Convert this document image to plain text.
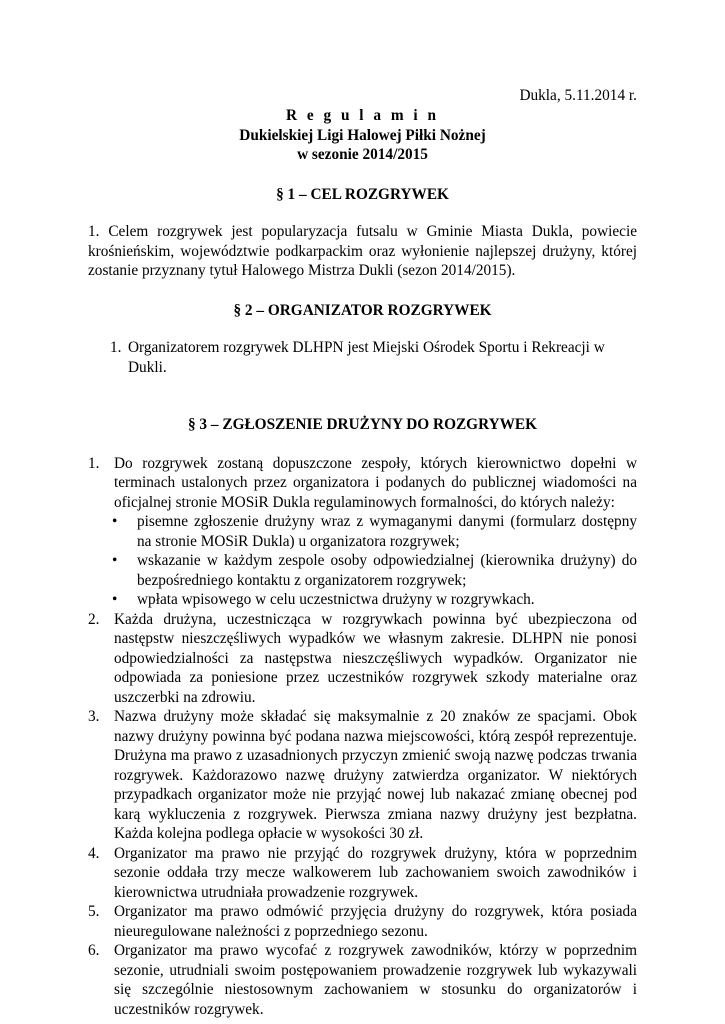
Dukla, 5.11.2014 r.
R e g u l a m i n
Dukielskiej Ligi Halowej Piłki Nożnej
w sezonie 2014/2015
§ 1 – CEL ROZGRYWEK
1. Celem rozgrywek jest popularyzacja futsalu w Gminie Miasta Dukla, powiecie krośnieńskim, województwie podkarpackim oraz wyłonienie najlepszej drużyny, której zostanie przyznany tytuł Halowego Mistrza Dukli (sezon 2014/2015).
§ 2 – ORGANIZATOR ROZGRYWEK
1. Organizatorem rozgrywek DLHPN jest Miejski Ośrodek Sportu i Rekreacji w Dukli.
§ 3 – ZGŁOSZENIE DRUŻYNY DO ROZGRYWEK
1. Do rozgrywek zostaną dopuszczone zespoły, których kierownictwo dopełni w terminach ustalonych przez organizatora i podanych do publicznej wiadomości na oficjalnej stronie MOSiR Dukla regulaminowych formalności, do których należy:
• pisemne zgłoszenie drużyny wraz z wymaganymi danymi (formularz dostępny na stronie MOSiR Dukla) u organizatora rozgrywek;
• wskazanie w każdym zespole osoby odpowiedzialnej (kierownika drużyny) do bezpośredniego kontaktu z organizatorem rozgrywek;
• wpłata wpisowego w celu uczestnictwa drużyny w rozgrywkach.
2. Każda drużyna, uczestnicząca w rozgrywkach powinna być ubezpieczona od następstw nieszczęśliwych wypadków we własnym zakresie. DLHPN nie ponosi odpowiedzialności za następstwa nieszczęśliwych wypadków. Organizator nie odpowiada za poniesione przez uczestników rozgrywek szkody materialne oraz uszczerbki na zdrowiu.
3. Nazwa drużyny może składać się maksymalnie z 20 znaków ze spacjami. Obok nazwy drużyny powinna być podana nazwa miejscowości, którą zespół reprezentuje. Drużyna ma prawo z uzasadnionych przyczyn zmienić swoją nazwę podczas trwania rozgrywek. Każdorazowo nazwę drużyny zatwierdza organizator. W niektórych przypadkach organizator może nie przyjąć nowej lub nakazać zmianę obecnej pod karą wykluczenia z rozgrywek. Pierwsza zmiana nazwy drużyny jest bezpłatna. Każda kolejna podlega opłacie w wysokości 30 zł.
4. Organizator ma prawo nie przyjąć do rozgrywek drużyny, która w poprzednim sezonie oddała trzy mecze walkowerem lub zachowaniem swoich zawodników i kierownictwa utrudniała prowadzenie rozgrywek.
5. Organizator ma prawo odmówić przyjęcia drużyny do rozgrywek, która posiada nieuregulowane należności z poprzedniego sezonu.
6. Organizator ma prawo wycofać z rozgrywek zawodników, którzy w poprzednim sezonie, utrudniali swoim postępowaniem prowadzenie rozgrywek lub wykazywali się szczególnie niestosownym zachowaniem w stosunku do organizatorów i uczestników rozgrywek.
